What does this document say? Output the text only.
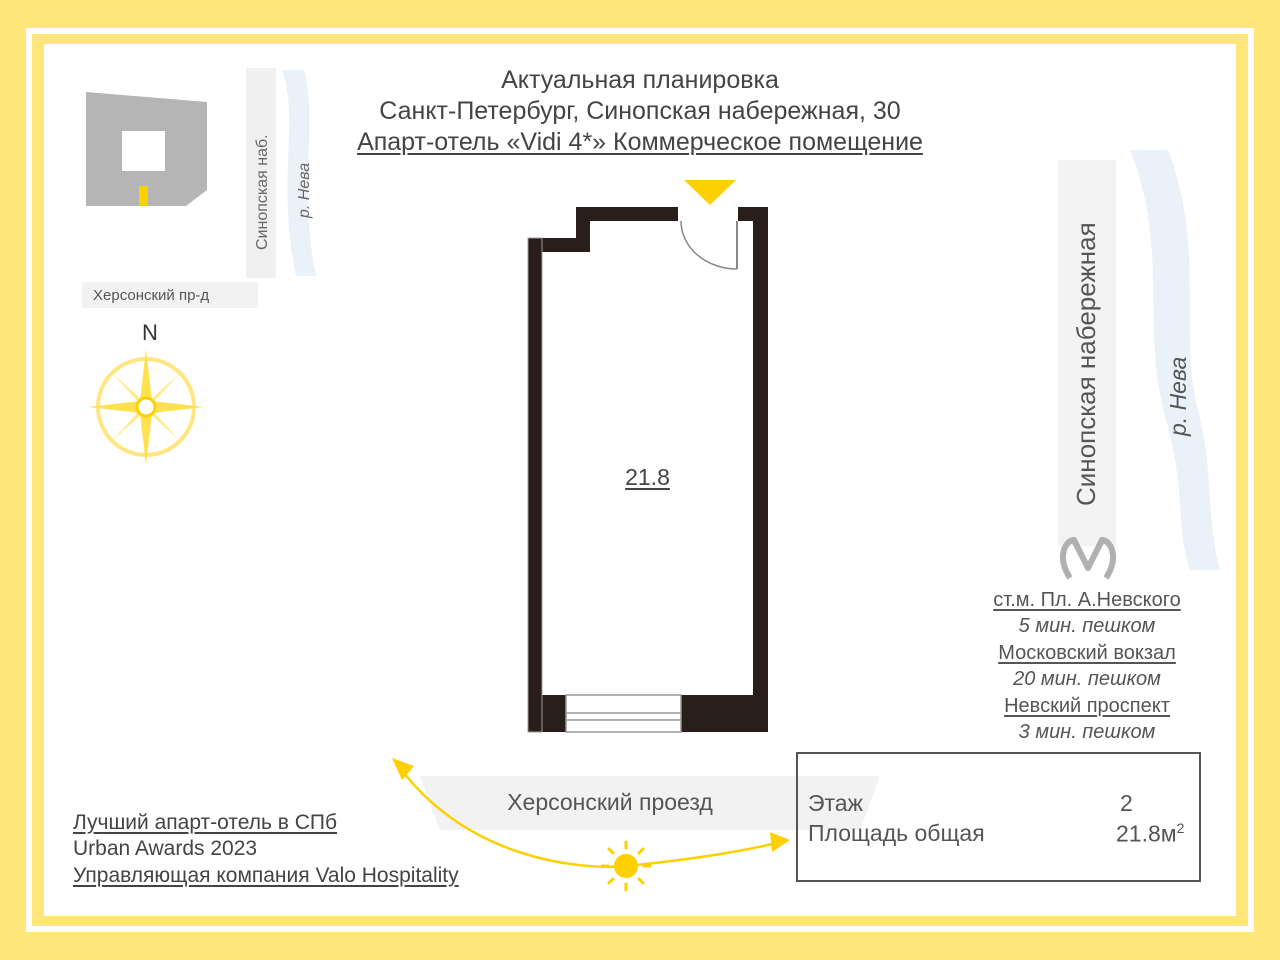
Синопская наб. р. Нева
Синопская набережная	р. Нева
Актуальная планировка
Санкт-Петербург, Синопская набережная, 30
Апарт-отель «Vidi 4*» Коммерческое помещение
Херсонский пр-д
N
21.8
ст.м. Пл. А.Невского
5 мин. пешком
Московский вокзал
20 мин. пешком
Невский проспект
3 мин. пешком
Херсонский проезд
Лучший апарт-отель в СПб
Urban Awards 2023
Управляющая компания Valo Hospitality
Этаж	2
Площадь общая	$21.8м^2$
